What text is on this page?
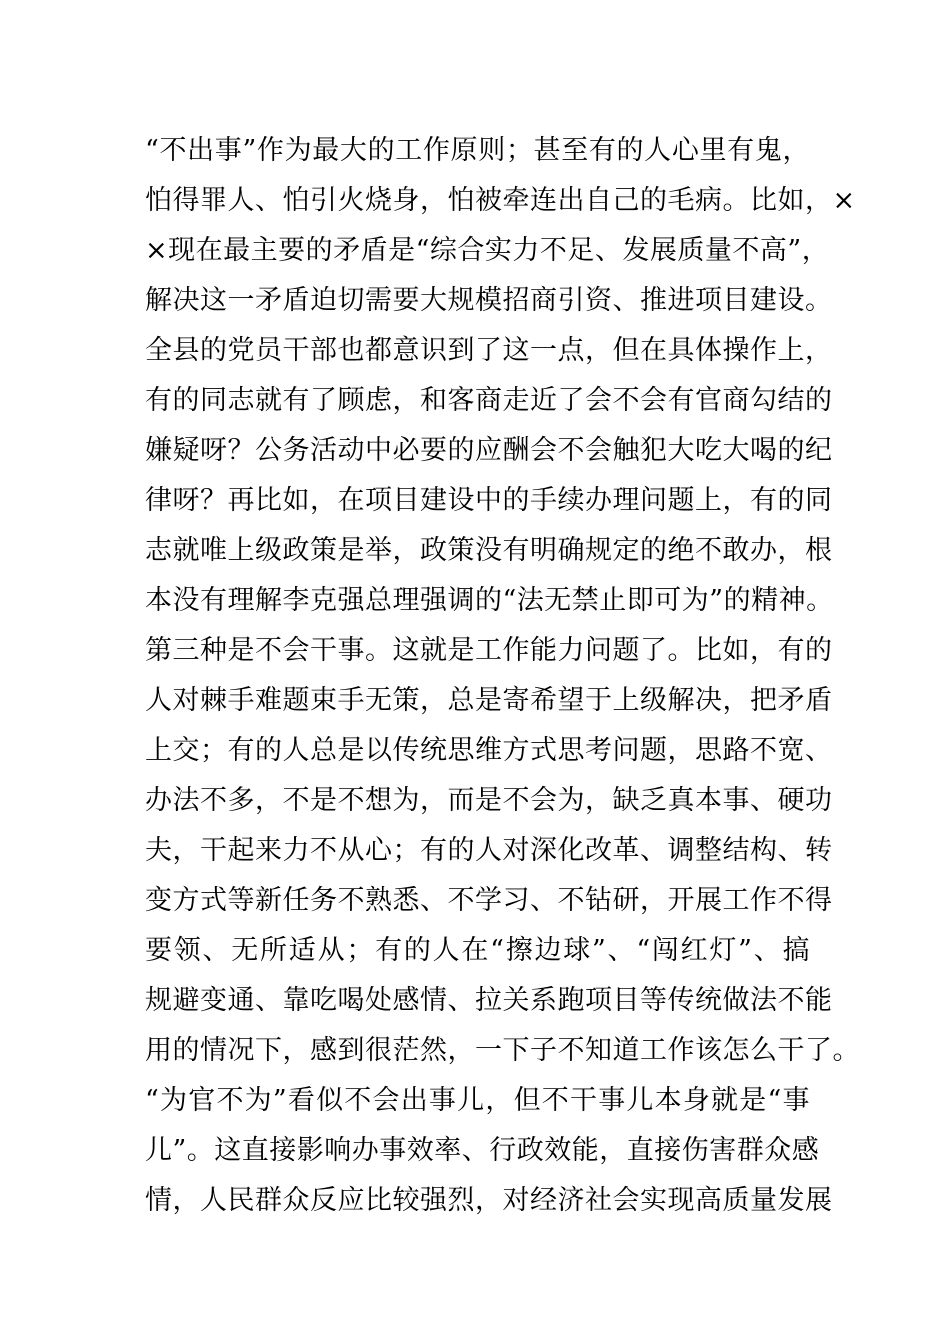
“不出事”作为最大的工作原则；甚至有的人心里有鬼，
怕得罪人、怕引火烧身，怕被牵连出自己的毛病。比如，×
×现在最主要的矛盾是“综合实力不足、发展质量不高”，
解决这一矛盾迫切需要大规模招商引资、推进项目建设。
全县的党员干部也都意识到了这一点，但在具体操作上，
有的同志就有了顾虑，和客商走近了会不会有官商勾结的
嫌疑呀？公务活动中必要的应酬会不会触犯大吃大喝的纪
律呀？再比如，在项目建设中的手续办理问题上，有的同
志就唯上级政策是举，政策没有明确规定的绝不敢办，根
本没有理解李克强总理强调的“法无禁止即可为”的精神。
第三种是不会干事。这就是工作能力问题了。比如，有的
人对棘手难题束手无策，总是寄希望于上级解决，把矛盾
上交；有的人总是以传统思维方式思考问题，思路不宽、
办法不多，不是不想为，而是不会为，缺乏真本事、硬功
夫，干起来力不从心；有的人对深化改革、调整结构、转
变方式等新任务不熟悉、不学习、不钻研，开展工作不得
要领、无所适从；有的人在“擦边球”、“闯红灯”、搞
规避变通、靠吃喝处感情、拉关系跑项目等传统做法不能
用的情况下，感到很茫然，一下子不知道工作该怎么干了。
“为官不为”看似不会出事儿，但不干事儿本身就是“事
儿”。这直接影响办事效率、行政效能，直接伤害群众感
情，人民群众反应比较强烈，对经济社会实现高质量发展
